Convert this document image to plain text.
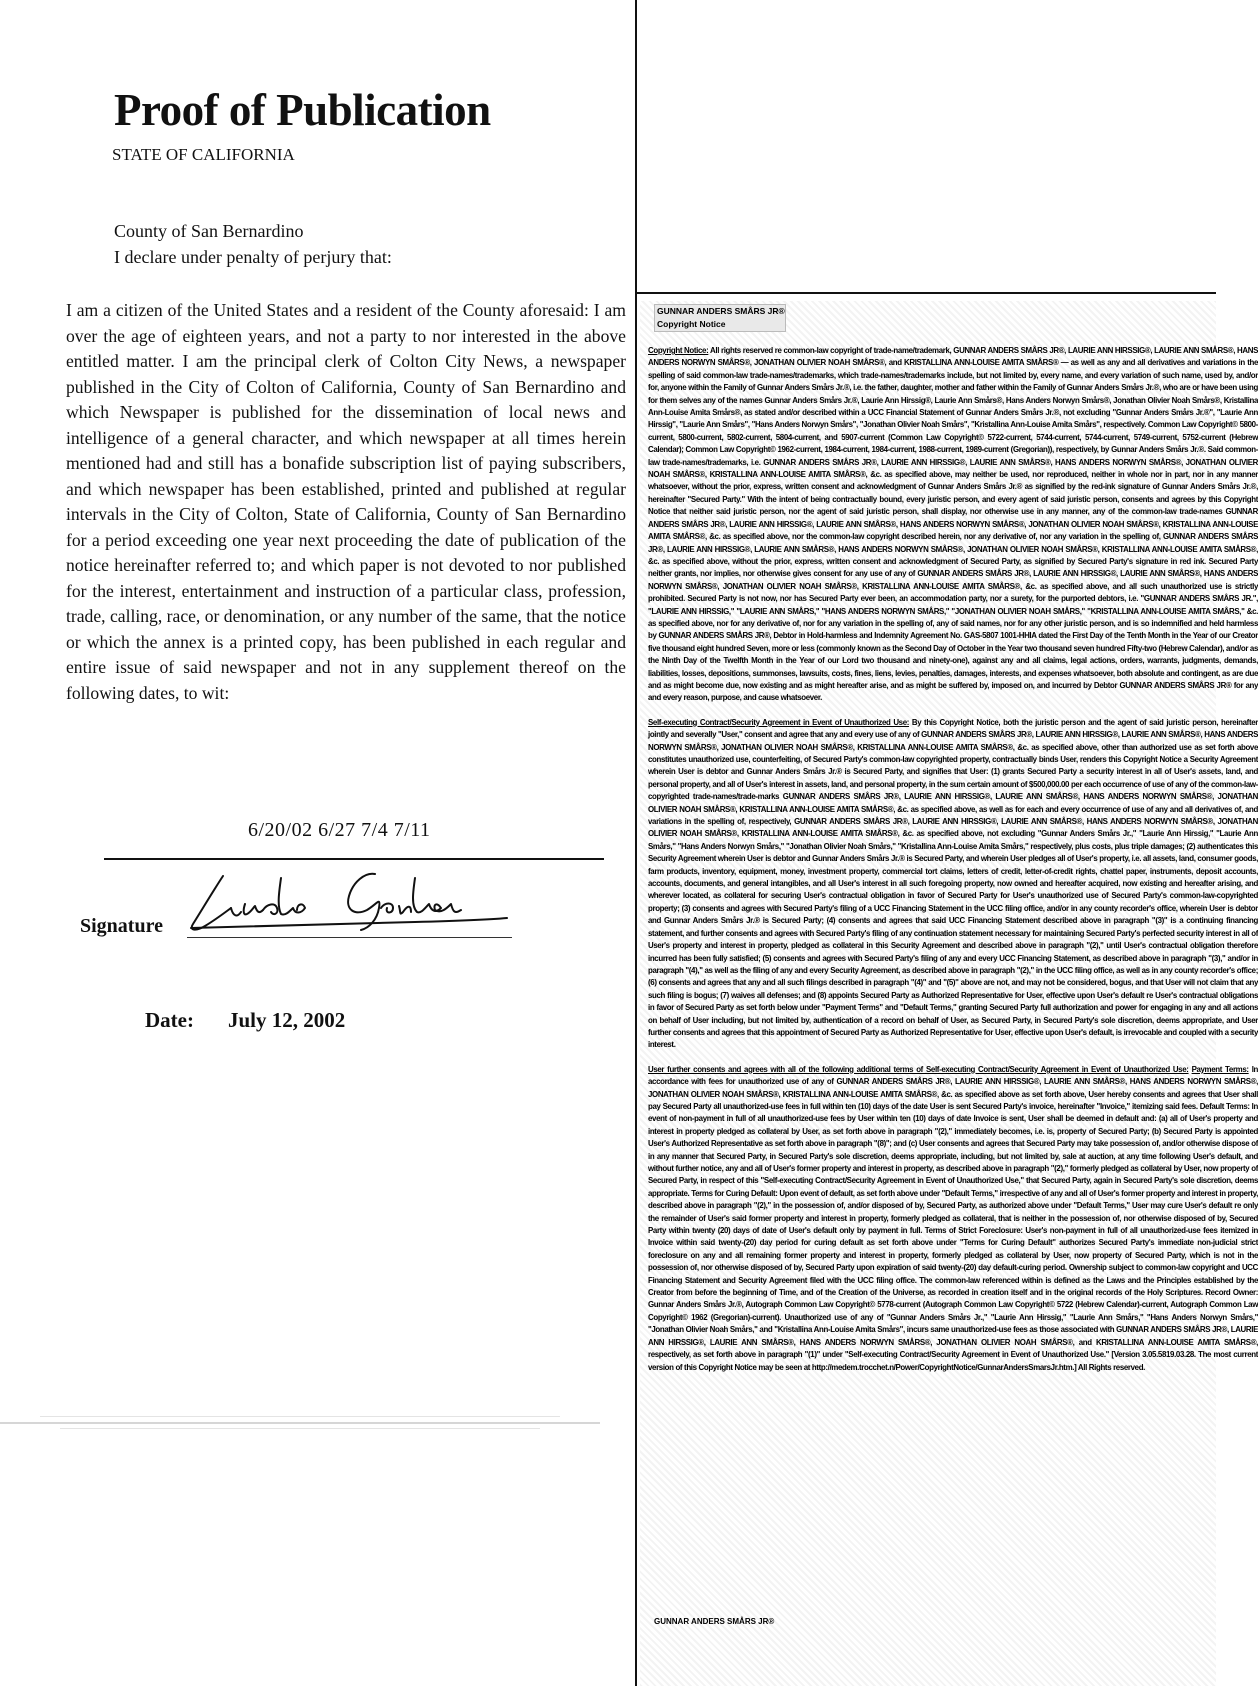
Proof of Publication
STATE OF CALIFORNIA
County of San Bernardino
I declare under penalty of perjury that:
I am a citizen of the United States and a resident of the County aforesaid: I am over the age of eighteen years, and not a party to nor interested in the above entitled matter. I am the principal clerk of Colton City News, a newspaper published in the City of Colton of California, County of San Bernardino and which Newspaper is published for the dissemination of local news and intelligence of a general character, and which newspaper at all times herein mentioned had and still has a bonafide subscription list of paying subscribers, and which newspaper has been established, printed and published at regular intervals in the City of Colton, State of California, County of San Bernardino for a period exceeding one year next proceeding the date of publication of the notice hereinafter referred to; and which paper is not devoted to nor published for the interest, entertainment and instruction of a particular class, profession, trade, calling, race, or denomination, or any number of the same, that the notice or which the annex is a printed copy, has been published in each regular and entire issue of said newspaper and not in any supplement thereof on the following dates, to wit:
6/20/02 6/27 7/4 7/11
Signature
Date: July 12, 2002
GUNNAR ANDERS SMÅRS JR®
Copyright Notice

Copyright Notice: All rights reserved re common-law copyright of trade-name/trademark, GUNNAR ANDERS SMÅRS JR®, LAURIE ANN HIRSSIG®, LAURIE ANN SMÅRS®, HANS ANDERS NORWYN SMÅRS®, JONATHAN OLIVIER NOAH SMÅRS®, and KRISTALLINA ANN-LOUISE AMITA SMÅRS® — as well as any and all derivatives and variations in the spelling of said common-law trade-names/trademarks, which trade-names/trademarks include, but not limited by, every name, and every variation of such name, used by, and/or for, anyone within the Family of Gunnar Anders Smårs Jr.®, i.e. the father, daughter, mother and father within the Family of Gunnar Anders Smårs Jr.®, who are or have been using for them selves any of the names Gunnar Anders Smårs Jr.®, Laurie Ann Hirssig®, Laurie Ann Smårs®, Hans Anders Norwyn Smårs®, Jonathan Olivier Noah Smårs®, Kristallina Ann-Louise Amita Smårs®, as stated and/or described within a UCC Financial Statement of Gunnar Anders Smårs Jr.®, not excluding "Gunnar Anders Smårs Jr.®", "Laurie Ann Hirssig", "Laurie Ann Smårs", "Hans Anders Norwyn Smårs", "Jonathan Olivier Noah Smårs", "Kristallina Ann-Louise Amita Smårs", respectively. Common Law Copyright© 5800-current, 5800-current, 5802-current, 5804-current, and 5907-current (Common Law Copyright© 5722-current, 5744-current, 5744-current, 5749-current, 5752-current (Hebrew Calendar); Common Law Copyright© 1962-current, 1984-current, 1984-current, 1988-current, 1989-current (Gregorian)), respectively, by Gunnar Anders Smårs Jr.®. Said common-law trade-names/trademarks, i.e. GUNNAR ANDERS SMÅRS JR®, LAURIE ANN HIRSSIG®, LAURIE ANN SMÅRS®, HANS ANDERS NORWYN SMÅRS®, JONATHAN OLIVIER NOAH SMÅRS®, KRISTALLINA ANN-LOUISE AMITA SMÅRS®, &c. as specified above, may neither be used, nor reproduced, neither in whole nor in part, nor in any manner whatsoever, without the prior, express, written consent and acknowledgment of Gunnar Anders Smårs Jr.® as signified by the red-ink signature of Gunnar Anders Smårs Jr.®, hereinafter "Secured Party." With the intent of being contractually bound, every juristic person, and every agent of said juristic person, consents and agrees by this Copyright Notice that neither said juristic person, nor the agent of said juristic person, shall display, nor otherwise use in any manner, any of the common-law trade-names GUNNAR ANDERS SMÅRS JR®, LAURIE ANN HIRSSIG®, LAURIE ANN SMÅRS®, HANS ANDERS NORWYN SMÅRS®, JONATHAN OLIVIER NOAH SMÅRS®, KRISTALLINA ANN-LOUISE AMITA SMÅRS®, &c. as specified above, nor the common-law copyright described herein, nor any derivative of, nor any variation in the spelling of, GUNNAR ANDERS SMÅRS JR®, LAURIE ANN HIRSSIG®, LAURIE ANN SMÅRS®, HANS ANDERS NORWYN SMÅRS®, JONATHAN OLIVIER NOAH SMÅRS®, KRISTALLINA ANN-LOUISE AMITA SMÅRS®, &c. as specified above, without the prior, express, written consent and acknowledgment of Secured Party, as signified by Secured Party's signature in red ink. Secured Party neither grants, nor implies, nor otherwise gives consent for any use of any of GUNNAR ANDERS SMÅRS JR®, LAURIE ANN HIRSSIG®, LAURIE ANN SMÅRS®, HANS ANDERS NORWYN SMÅRS®, JONATHAN OLIVIER NOAH SMÅRS®, KRISTALLINA ANN-LOUISE AMITA SMÅRS®, &c. as specified above, and all such unauthorized use is strictly prohibited. Secured Party is not now, nor has Secured Party ever been, an accommodation party, nor a surety, for the purported debtors, i.e. "GUNNAR ANDERS SMÅRS JR.", "LAURIE ANN HIRSSIG," "LAURIE ANN SMÅRS," "HANS ANDERS NORWYN SMÅRS," "JONATHAN OLIVIER NOAH SMÅRS," "KRISTALLINA ANN-LOUISE AMITA SMÅRS," &c. as specified above, nor for any derivative of, nor for any variation in the spelling of, any of said names, nor for any other juristic person, and is so indemnified and held harmless by GUNNAR ANDERS SMÅRS JR®, Debtor in Hold-harmless and Indemnity Agreement No. GAS-5807 1001-HHIA dated the First Day of the Tenth Month in the Year of our Creator five thousand eight hundred Seven, more or less (commonly known as the Second Day of October in the Year two thousand seven hundred Fifty-two (Hebrew Calendar), and/or as the Ninth Day of the Twelfth Month in the Year of our Lord two thousand and ninety-one), against any and all claims, legal actions, orders, warrants, judgments, demands, liabilities, losses, depositions, summonses, lawsuits, costs, fines, liens, levies, penalties, damages, interests, and expenses whatsoever, both absolute and contingent, as are due and as might become due, now existing and as might hereafter arise, and as might be suffered by, imposed on, and incurred by Debtor GUNNAR ANDERS SMÅRS JR® for any and every reason, purpose, and cause whatsoever.

Self-executing Contract/Security Agreement in Event of Unauthorized Use: By this Copyright Notice, both the juristic person and the agent of said juristic person, hereinafter jointly and severally "User," consent and agree that any and every use of any of GUNNAR ANDERS SMÅRS JR®, LAURIE ANN HIRSSIG®, LAURIE ANN SMÅRS®, HANS ANDERS NORWYN SMÅRS®, JONATHAN OLIVIER NOAH SMÅRS®, KRISTALLINA ANN-LOUISE AMITA SMÅRS®, &c. as specified above, other than authorized use as set forth above constitutes unauthorized use, counterfeiting, of Secured Party's common-law copyrighted property, contractually binds User, renders this Copyright Notice a Security Agreement wherein User is debtor and Gunnar Anders Smårs Jr.® is Secured Party, and signifies that User: (1) grants Secured Party a security interest in all of User's assets, land, and personal property, and all of User's interest in assets, land, and personal property, in the sum certain amount of $500,000.00 per each occurrence of use of any of the common-law-copyrighted trade-names/trade-marks GUNNAR ANDERS SMÅRS JR®, LAURIE ANN HIRSSIG®, LAURIE ANN SMÅRS®, HANS ANDERS NORWYN SMÅRS®, JONATHAN OLIVIER NOAH SMÅRS®, KRISTALLINA ANN-LOUISE AMITA SMÅRS®, &c. as specified above, as well as for each and every occurrence of use of any and all derivatives of, and variations in the spelling of, respectively, GUNNAR ANDERS SMÅRS JR®, LAURIE ANN HIRSSIG®, LAURIE ANN SMÅRS®, HANS ANDERS NORWYN SMÅRS®, JONATHAN OLIVIER NOAH SMÅRS®, KRISTALLINA ANN-LOUISE AMITA SMÅRS®, &c. as specified above, not excluding "Gunnar Anders Smårs Jr.," "Laurie Ann Hirssig," "Laurie Ann Smårs," "Hans Anders Norwyn Smårs," "Jonathan Olivier Noah Smårs," "Kristallina Ann-Louise Amita Smårs," respectively, plus costs, plus triple damages; (2) authenticates this Security Agreement wherein User is debtor and Gunnar Anders Smårs Jr.® is Secured Party, and wherein User pledges all of User's property, i.e. all assets, land, consumer goods, farm products, inventory, equipment, money, investment property, commercial tort claims, letters of credit, letter-of-credit rights, chattel paper, instruments, deposit accounts, accounts, documents, and general intangibles, and all User's interest in all such foregoing property, now owned and hereafter acquired, now existing and hereafter arising, and wherever located, as collateral for securing User's contractual obligation in favor of Secured Party for User's unauthorized use of Secured Party's common-law-copyrighted property; (3) consents and agrees with Secured Party's filing of a UCC Financing Statement in the UCC filing office, and/or in any county recorder's office, wherein User is debtor and Gunnar Anders Smårs Jr.® is Secured Party; (4) consents and agrees that said UCC Financing Statement described above in paragraph "(3)" is a continuing financing statement, and further consents and agrees with Secured Party's filing of any continuation statement necessary for maintaining Secured Party's perfected security interest in all of User's property and interest in property, pledged as collateral in this Security Agreement and described above in paragraph "(2)," until User's contractual obligation therefore incurred has been fully satisfied; (5) consents and agrees with Secured Party's filing of any and every UCC Financing Statement, as described above in paragraph "(3)," and/or in paragraph "(4)," as well as the filing of any and every Security Agreement, as described above in paragraph "(2)," in the UCC filing office, as well as in any county recorder's office; (6) consents and agrees that any and all such filings described in paragraph "(4)" and "(5)" above are not, and may not be considered, bogus, and that User will not claim that any such filing is bogus; (7) waives all defenses; and (8) appoints Secured Party as Authorized Representative for User, effective upon User's default re User's contractual obligations in favor of Secured Party as set forth below under "Payment Terms" and "Default Terms," granting Secured Party full authorization and power for engaging in any and all actions on behalf of User including, but not limited by, authentication of a record on behalf of User, as Secured Party, in Secured Party's sole discretion, deems appropriate, and User further consents and agrees that this appointment of Secured Party as Authorized Representative for User, effective upon User's default, is irrevocable and coupled with a security interest.

User further consents and agrees with all of the following additional terms of Self-executing Contract/Security Agreement in Event of Unauthorized Use: Payment Terms: In accordance with fees for unauthorized use of any of GUNNAR ANDERS SMÅRS JR®, LAURIE ANN HIRSSIG®, LAURIE ANN SMÅRS®, HANS ANDERS NORWYN SMÅRS®, JONATHAN OLIVIER NOAH SMÅRS®, KRISTALLINA ANN-LOUISE AMITA SMÅRS®, &c. as specified above as set forth above, User hereby consents and agrees that User shall pay Secured Party all unauthorized-use fees in full within ten (10) days of the date User is sent Secured Party's invoice, hereinafter "Invoice," itemizing said fees. Default Terms: In event of non-payment in full of all unauthorized-use fees by User within ten (10) days of date Invoice is sent, User shall be deemed in default and: (a) all of User's property and interest in property pledged as collateral by User, as set forth above in paragraph "(2)," immediately becomes, i.e. is, property of Secured Party; (b) Secured Party is appointed User's Authorized Representative as set forth above in paragraph "(8)"; and (c) User consents and agrees that Secured Party may take possession of, and/or otherwise dispose of in any manner that Secured Party, in Secured Party's sole discretion, deems appropriate, including, but not limited by, sale at auction, at any time following User's default, and without further notice, any and all of User's former property and interest in property, as described above in paragraph "(2)," formerly pledged as collateral by User, now property of Secured Party, in respect of this "Self-executing Contract/Security Agreement in Event of Unauthorized Use," that Secured Party, again in Secured Party's sole discretion, deems appropriate. Terms for Curing Default: Upon event of default, as set forth above under "Default Terms," irrespective of any and all of User's former property and interest in property, described above in paragraph "(2)," in the possession of, and/or disposed of by, Secured Party, as authorized above under "Default Terms," User may cure User's default re only the remainder of User's said former property and interest in property, formerly pledged as collateral, that is neither in the possession of, nor otherwise disposed of by, Secured Party within twenty (20) days of date of User's default only by payment in full. Terms of Strict Foreclosure: User's non-payment in full of all unauthorized-use fees itemized in Invoice within said twenty-(20) day period for curing default as set forth above under "Terms for Curing Default" authorizes Secured Party's immediate non-judicial strict foreclosure on any and all remaining former property and interest in property, formerly pledged as collateral by User, now property of Secured Party, which is not in the possession of, nor otherwise disposed of by, Secured Party upon expiration of said twenty-(20) day default-curing period. Ownership subject to common-law copyright and UCC Financing Statement and Security Agreement filed with the UCC filing office. The common-law referenced within is defined as the Laws and the Principles established by the Creator from before the beginning of Time, and of the Creation of the Universe, as recorded in creation itself and in the original records of the Holy Scriptures. Record Owner: Gunnar Anders Smårs Jr.®, Autograph Common Law Copyright© 5778-current (Autograph Common Law Copyright© 5722 (Hebrew Calendar)-current, Autograph Common Law Copyright© 1962 (Gregorian)-current). Unauthorized use of any of "Gunnar Anders Smårs Jr.," "Laurie Ann Hirssig," "Laurie Ann Smårs," "Hans Anders Norwyn Smårs," "Jonathan Olivier Noah Smårs," and "Kristallina Ann-Louise Amita Smårs", incurs same unauthorized-use fees as those associated with GUNNAR ANDERS SMÅRS JR®, LAURIE ANN HIRSSIG®, LAURIE ANN SMÅRS®, HANS ANDERS NORWYN SMÅRS®, JONATHAN OLIVIER NOAH SMÅRS®, and KRISTALLINA ANN-LOUISE AMITA SMÅRS®, respectively, as set forth above in paragraph "(1)" under "Self-executing Contract/Security Agreement in Event of Unauthorized Use." [Version 3.05.5819.03.28. The most current version of this Copyright Notice may be seen at http://medem.trocchet.n/Power/CopyrightNotice/GunnarAndersSmarsJr.htm.] All Rights reserved.

GUNNAR ANDERS SMÅRS JR®
